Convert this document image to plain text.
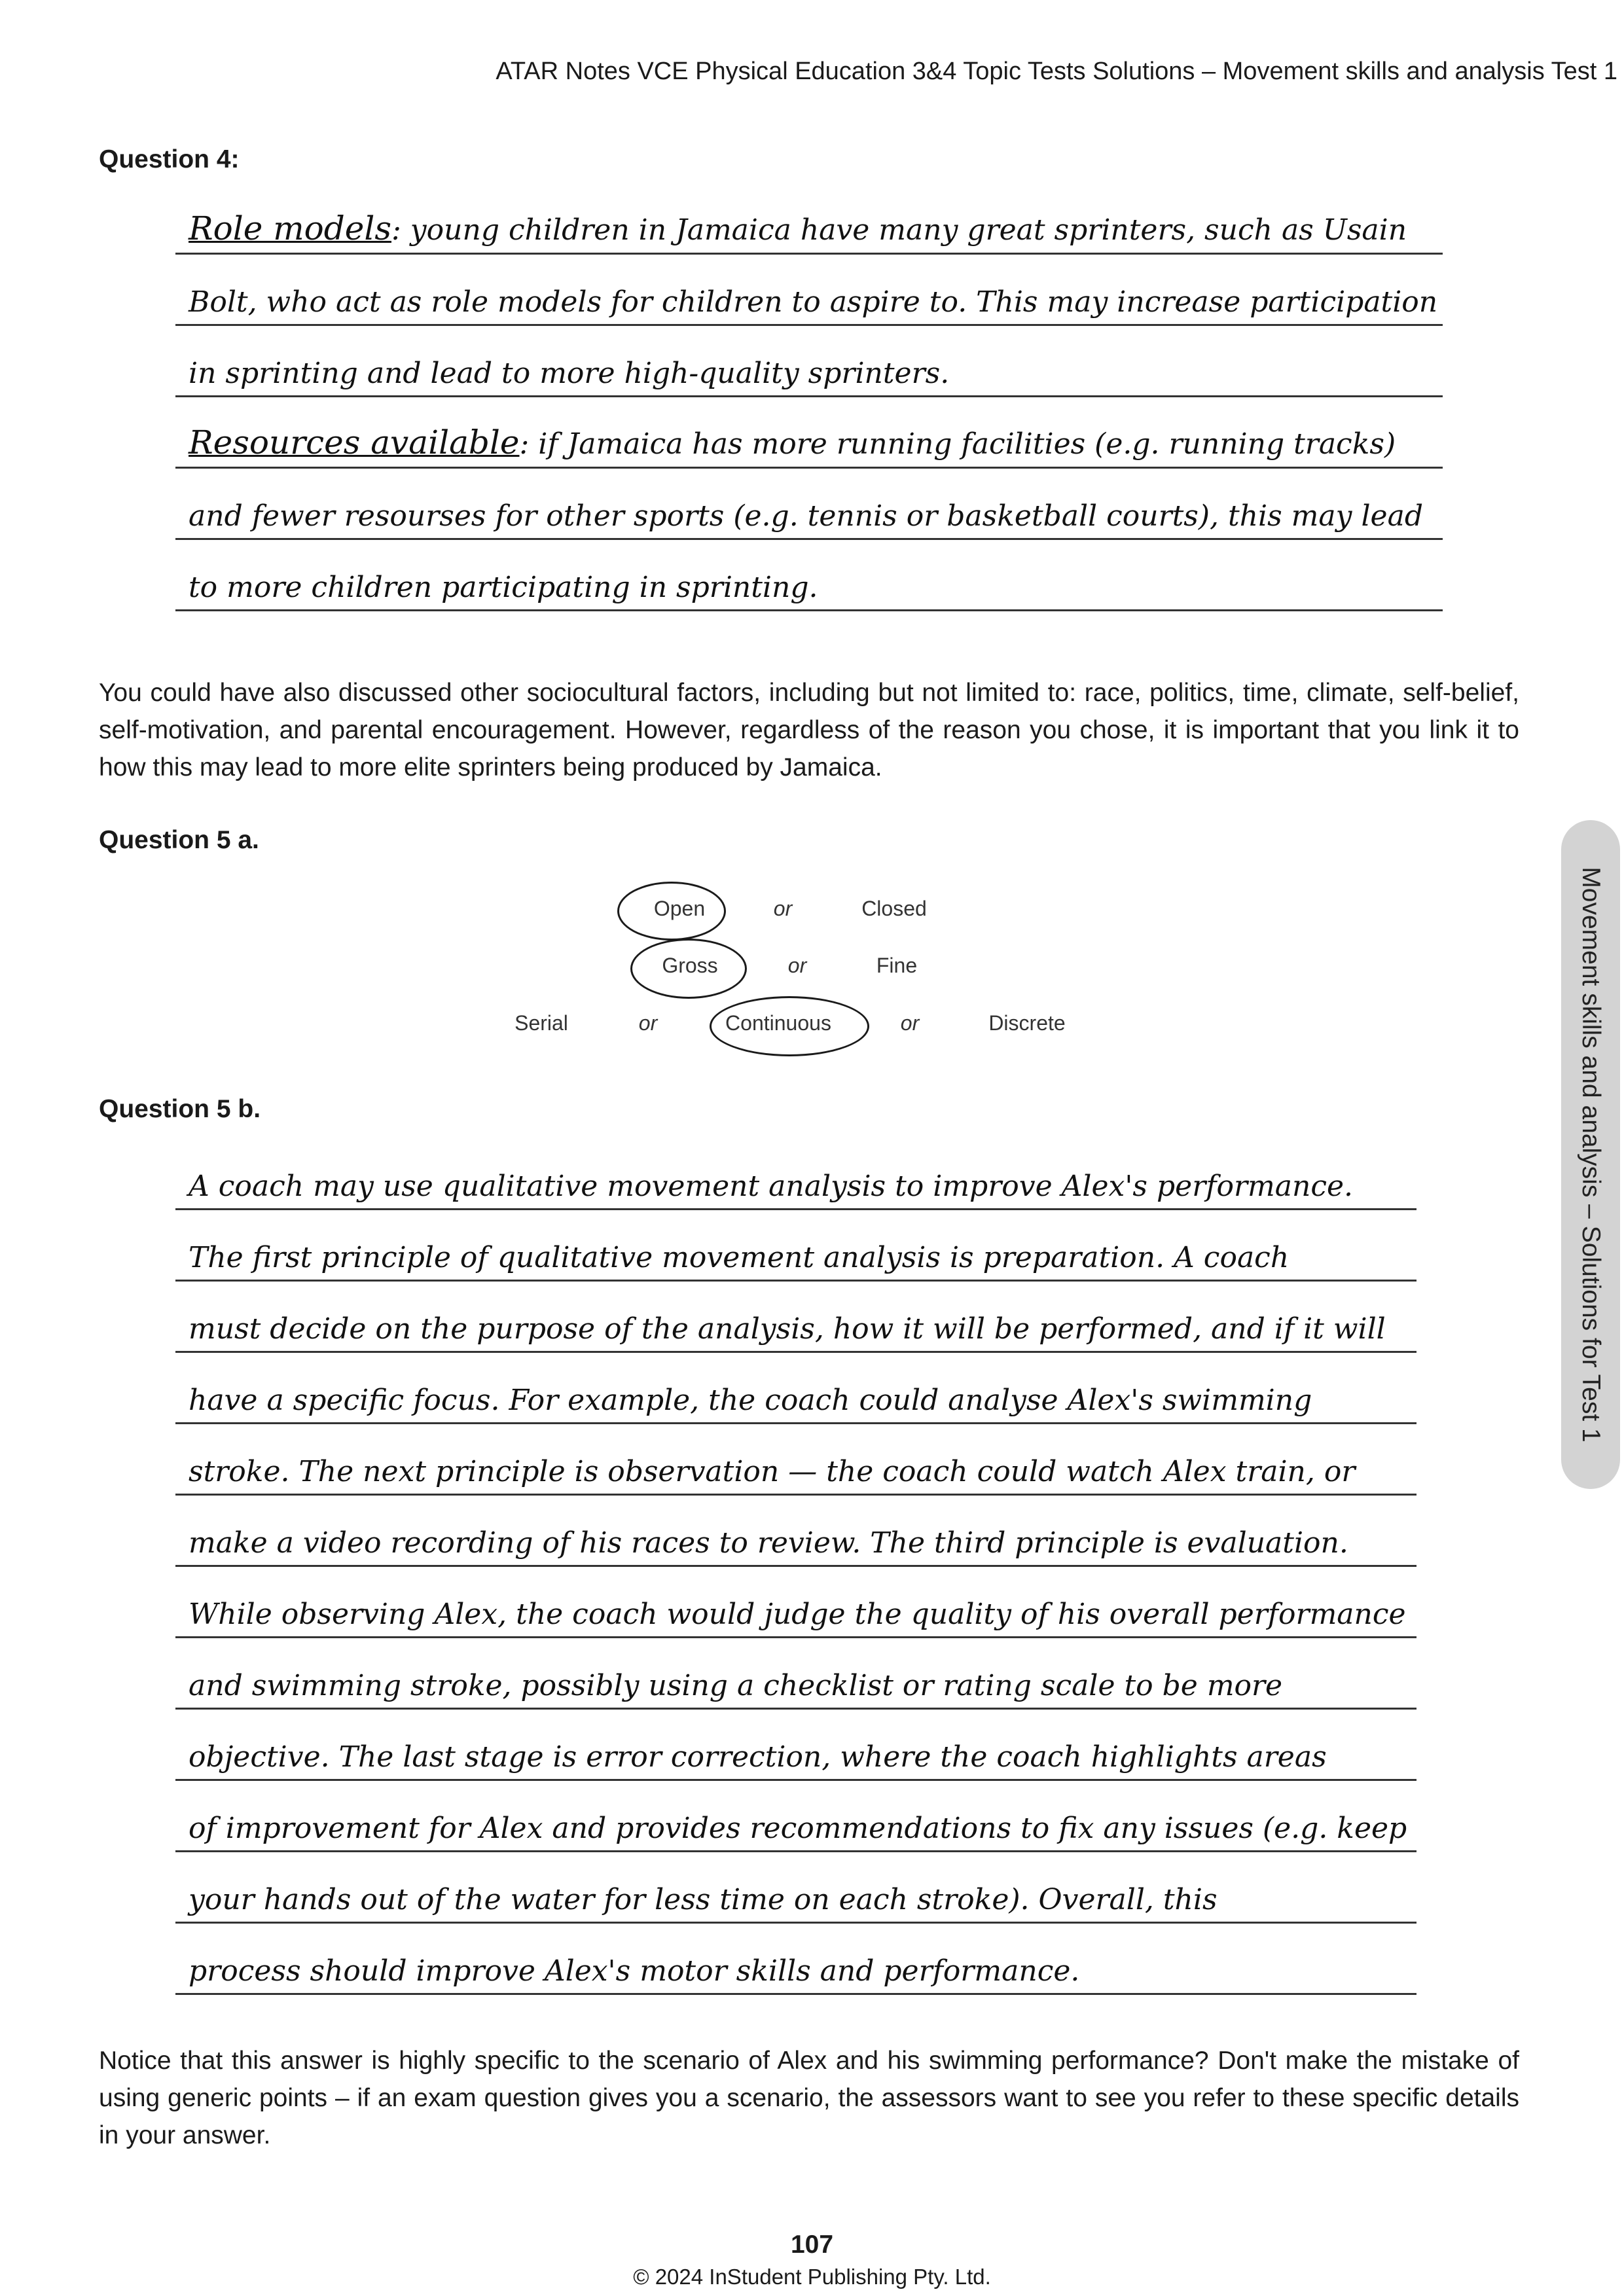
ATAR Notes VCE Physical Education 3&4 Topic Tests Solutions – Movement skills and analysis Test 1
Question 4:
Role models: young children in Jamaica have many great sprinters, such as Usain
Bolt, who act as role models for children to aspire to. This may increase participation
in sprinting and lead to more high-quality sprinters.
Resources available: if Jamaica has more running facilities (e.g. running tracks)
and fewer resourses for other sports (e.g. tennis or basketball courts), this may lead
to more children participating in sprinting.
You could have also discussed other sociocultural factors, including but not limited to: race, politics, time, climate, self-belief, self-motivation, and parental encouragement. However, regardless of the reason you chose, it is important that you link it to how this may lead to more elite sprinters being produced by Jamaica.
Question 5 a.
Open	or	Closed
Gross	or	Fine
Serial	or	Continuous	or	Discrete
Question 5 b.
A coach may use qualitative movement analysis to improve Alex's performance.
The first principle of qualitative movement analysis is preparation. A coach
must decide on the purpose of the analysis, how it will be performed, and if it will
have a specific focus. For example, the coach could analyse Alex's swimming
stroke. The next principle is observation — the coach could watch Alex train, or
make a video recording of his races to review. The third principle is evaluation.
While observing Alex, the coach would judge the quality of his overall performance
and swimming stroke, possibly using a checklist or rating scale to be more
objective. The last stage is error correction, where the coach highlights areas
of improvement for Alex and provides recommendations to fix any issues (e.g. keep
your hands out of the water for less time on each stroke). Overall, this
process should improve Alex's motor skills and performance.
Notice that this answer is highly specific to the scenario of Alex and his swimming performance? Don't make the mistake of using generic points – if an exam question gives you a scenario, the assessors want to see you refer to these specific details in your answer.
Movement skills and analysis – Solutions for Test 1
107
© 2024 InStudent Publishing Pty. Ltd.
